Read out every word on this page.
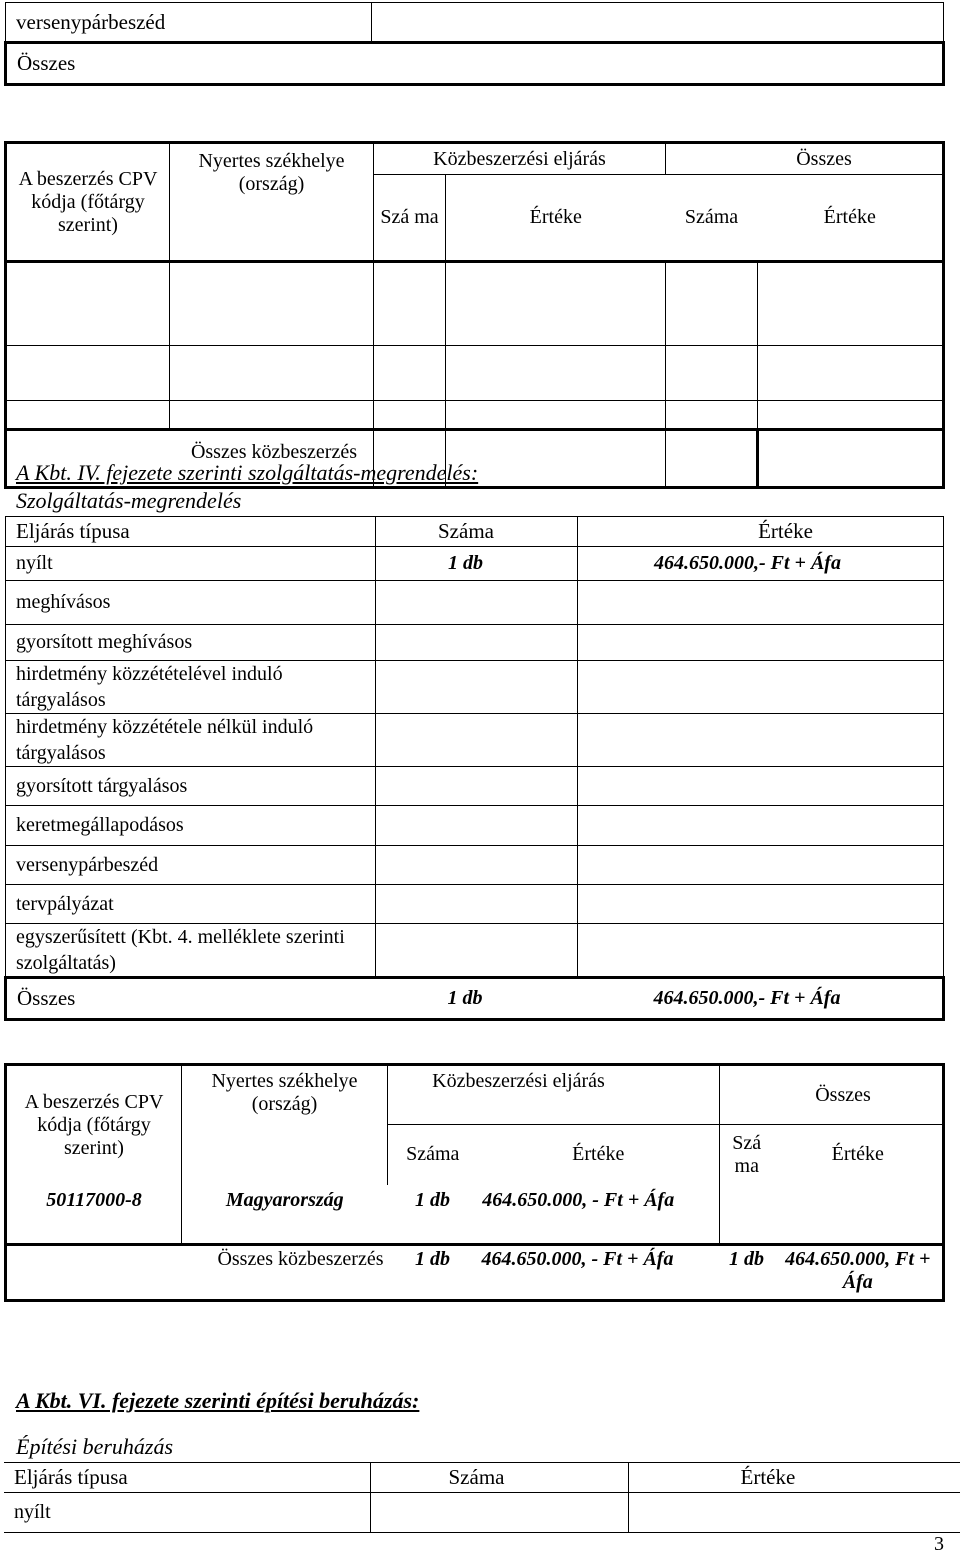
versenypárbeszéd	
Összes
A beszerzés CPV kódja (főtárgy szerint)	Nyertes székhelye (ország)	Közbeszerzési eljárás		Összes	
		Szá ma	Értéke	Száma	Értéke

Összes közbeszerzés					
A Kbt. IV. fejezete szerinti szolgáltatás-megrendelés:
Szolgáltatás-megrendelés
Eljárás típusa	Száma	Értéke
nyílt	1 db	464.650.000,- Ft + Áfa
meghívásos		
gyorsított meghívásos		
hirdetmény közzétételével induló tárgyalásos		
hirdetmény közzététele nélkül induló tárgyalásos		
gyorsított tárgyalásos		
keretmegállapodásos		
versenypárbeszéd		
tervpályázat		
egyszerűsített (Kbt. 4. melléklete szerinti szolgáltatás)		
Összes	1 db	464.650.000,- Ft + Áfa
A beszerzés CPV kódja (főtárgy szerint)	Nyertes székhelye (ország)	Közbeszerzési eljárás		Összes	
		Száma	Értéke	Szá ma	Értéke
50117000-8	Magyarország	1 db	464.650.000, - Ft + Áfa		
	Összes közbeszerzés	1 db	464.650.000, - Ft + Áfa	1 db	464.650.000, Ft + Áfa
A Kbt. VI. fejezete szerinti építési beruházás:
Építési beruházás
Eljárás típusa	Száma	Értéke
nyílt		
3
